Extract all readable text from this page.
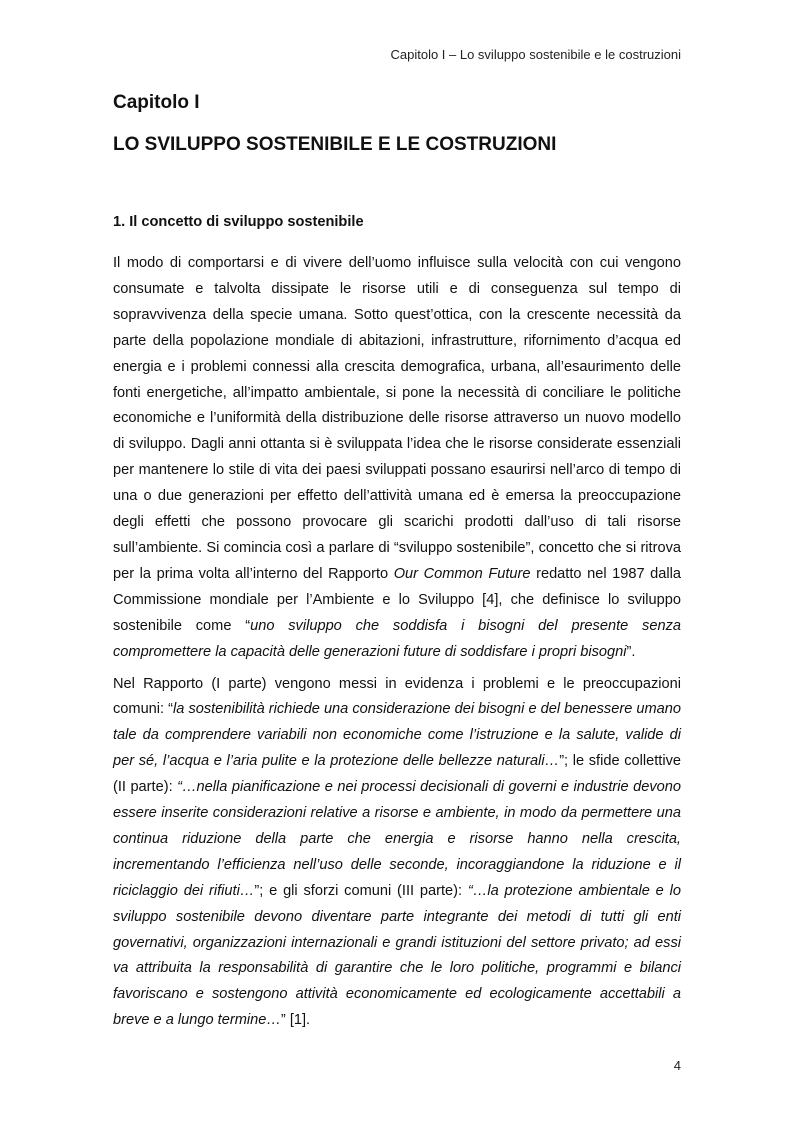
Capitolo I – Lo sviluppo sostenibile e le costruzioni
Capitolo I
LO SVILUPPO SOSTENIBILE E LE COSTRUZIONI
1. Il concetto di sviluppo sostenibile

Il modo di comportarsi e di vivere dell’uomo influisce sulla velocità con cui vengono consumate e talvolta dissipate le risorse utili e di conseguenza sul tempo di sopravvivenza della specie umana. Sotto quest’ottica, con la crescente necessità da parte della popolazione mondiale di abitazioni, infrastrutture, rifornimento d’acqua ed energia e i problemi connessi alla crescita demografica, urbana, all’esaurimento delle fonti energetiche, all’impatto ambientale, si pone la necessità di conciliare le politiche economiche e l’uniformità della distribuzione delle risorse attraverso un nuovo modello di sviluppo. Dagli anni ottanta si è sviluppata l’idea che le risorse considerate essenziali per mantenere lo stile di vita dei paesi sviluppati possano esaurirsi nell’arco di tempo di una o due generazioni per effetto dell’attività umana ed è emersa la preoccupazione degli effetti che possono provocare gli scarichi prodotti dall’uso di tali risorse sull’ambiente. Si comincia così a parlare di “sviluppo sostenibile”, concetto che si ritrova per la prima volta all’interno del Rapporto Our Common Future redatto nel 1987 dalla Commissione mondiale per l’Ambiente e lo Sviluppo [4], che definisce lo sviluppo sostenibile come “uno sviluppo che soddisfa i bisogni del presente senza compromettere la capacità delle generazioni future di soddisfare i propri bisogni”.

Nel Rapporto (I parte) vengono messi in evidenza i problemi e le preoccupazioni comuni: “la sostenibilità richiede una considerazione dei bisogni e del benessere umano tale da comprendere variabili non economiche come l’istruzione e la salute, valide di per sé, l’acqua e l’aria pulite e la protezione delle bellezze naturali…”; le sfide collettive (II parte): “…nella pianificazione e nei processi decisionali di governi e industrie devono essere inserite considerazioni relative a risorse e ambiente, in modo da permettere una continua riduzione della parte che energia e risorse hanno nella crescita, incrementando l’efficienza nell’uso delle seconde, incoraggiandone la riduzione e il riciclaggio dei rifiuti…”; e gli sforzi comuni (III parte): “…la protezione ambientale e lo sviluppo sostenibile devono diventare parte integrante dei metodi di tutti gli enti governativi, organizzazioni internazionali e grandi istituzioni del settore privato; ad essi va attribuita la responsabilità di garantire che le loro politiche, programmi e bilanci favoriscano e sostengono attività economicamente ed ecologicamente accettabili a breve e a lungo termine…” [1].

4
